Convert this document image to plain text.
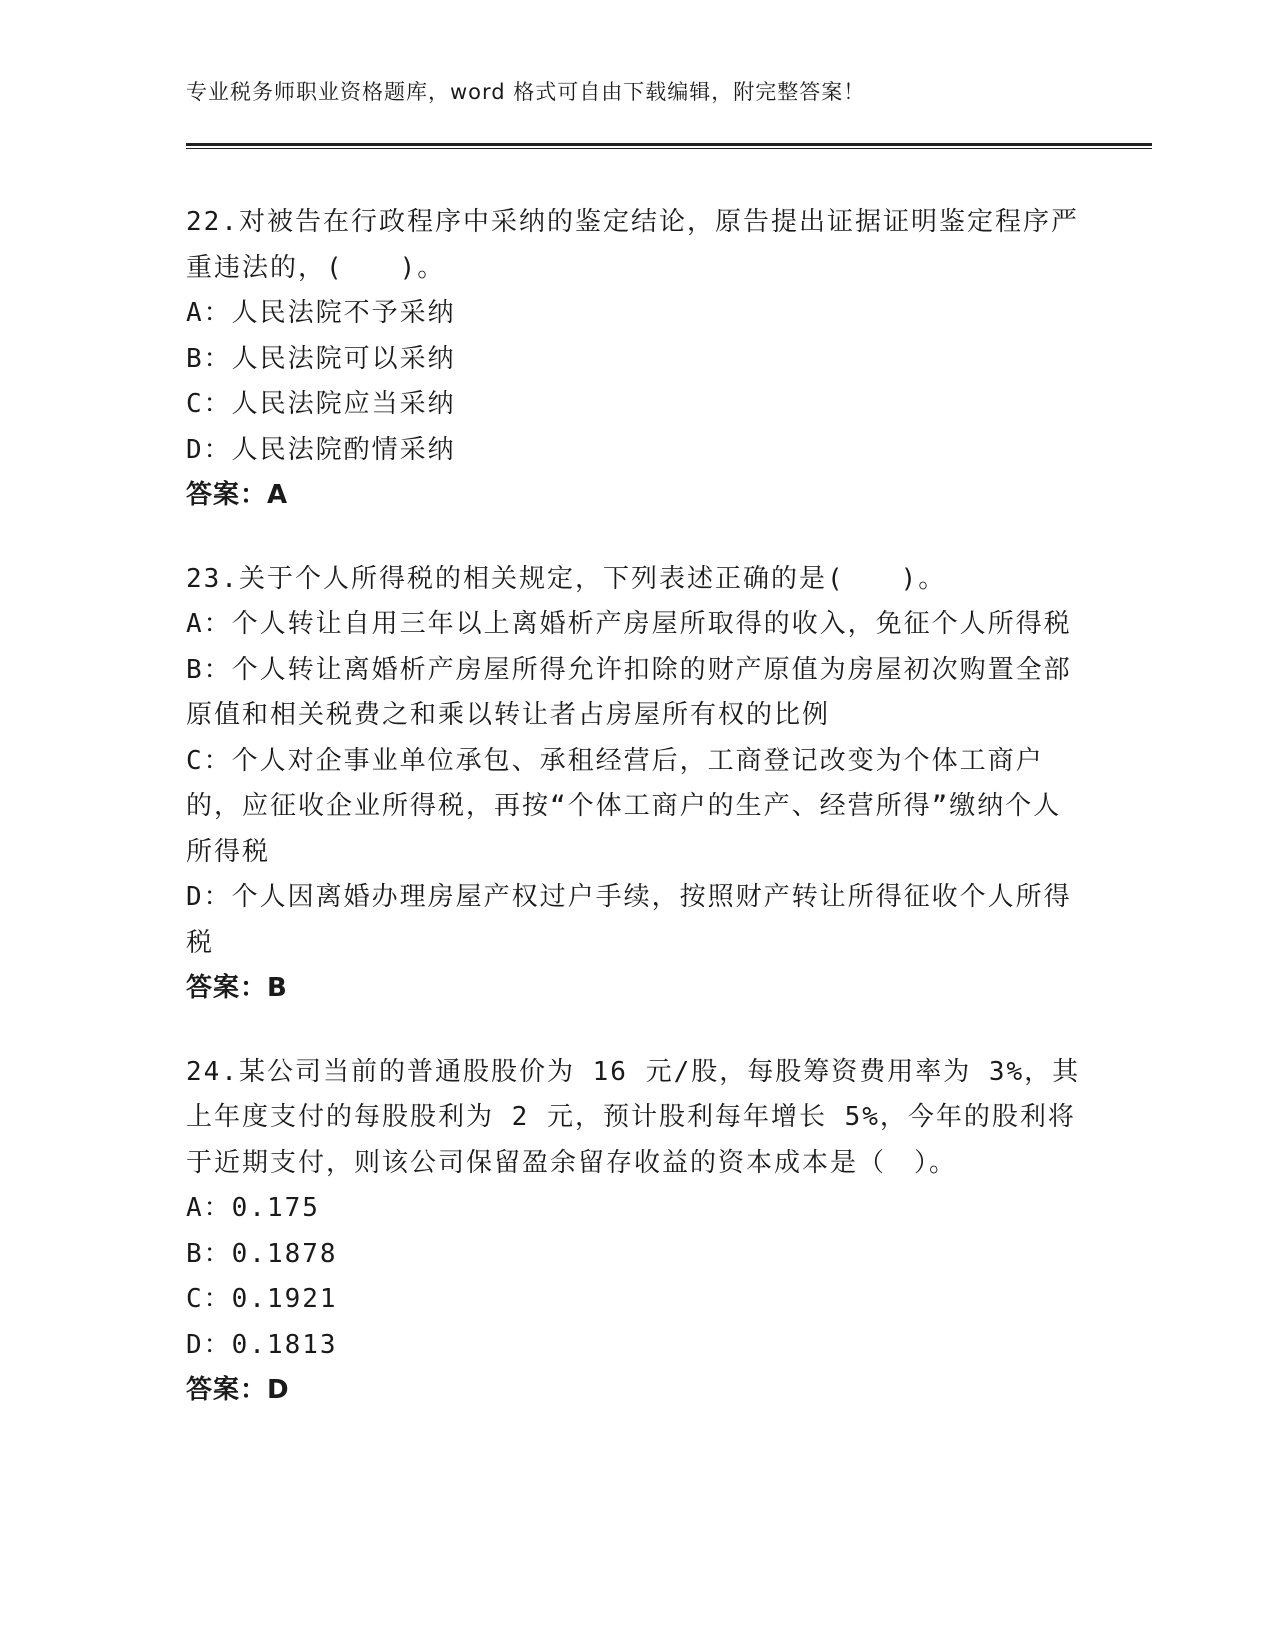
专业税务师职业资格题库，word 格式可自由下载编辑，附完整答案！
22.对被告在行政程序中采纳的鉴定结论，原告提出证据证明鉴定程序严重违法的，(　　)。
A：人民法院不予采纳
B：人民法院可以采纳
C：人民法院应当采纳
D：人民法院酌情采纳
答案：A
23.关于个人所得税的相关规定，下列表述正确的是(　　)。
A：个人转让自用三年以上离婚析产房屋所取得的收入，免征个人所得税
B：个人转让离婚析产房屋所得允许扣除的财产原值为房屋初次购置全部原值和相关税费之和乘以转让者占房屋所有权的比例
C：个人对企事业单位承包、承租经营后，工商登记改变为个体工商户的，应征收企业所得税，再按“个体工商户的生产、经营所得”缴纳个人所得税
D：个人因离婚办理房屋产权过户手续，按照财产转让所得征收个人所得税
答案：B
24.某公司当前的普通股股价为 16 元/股，每股筹资费用率为 3%，其上年度支付的每股股利为 2 元，预计股利每年增长 5%，今年的股利将于近期支付，则该公司保留盈余留存收益的资本成本是（　）。
A：0.175
B：0.1878
C：0.1921
D：0.1813
答案：D
